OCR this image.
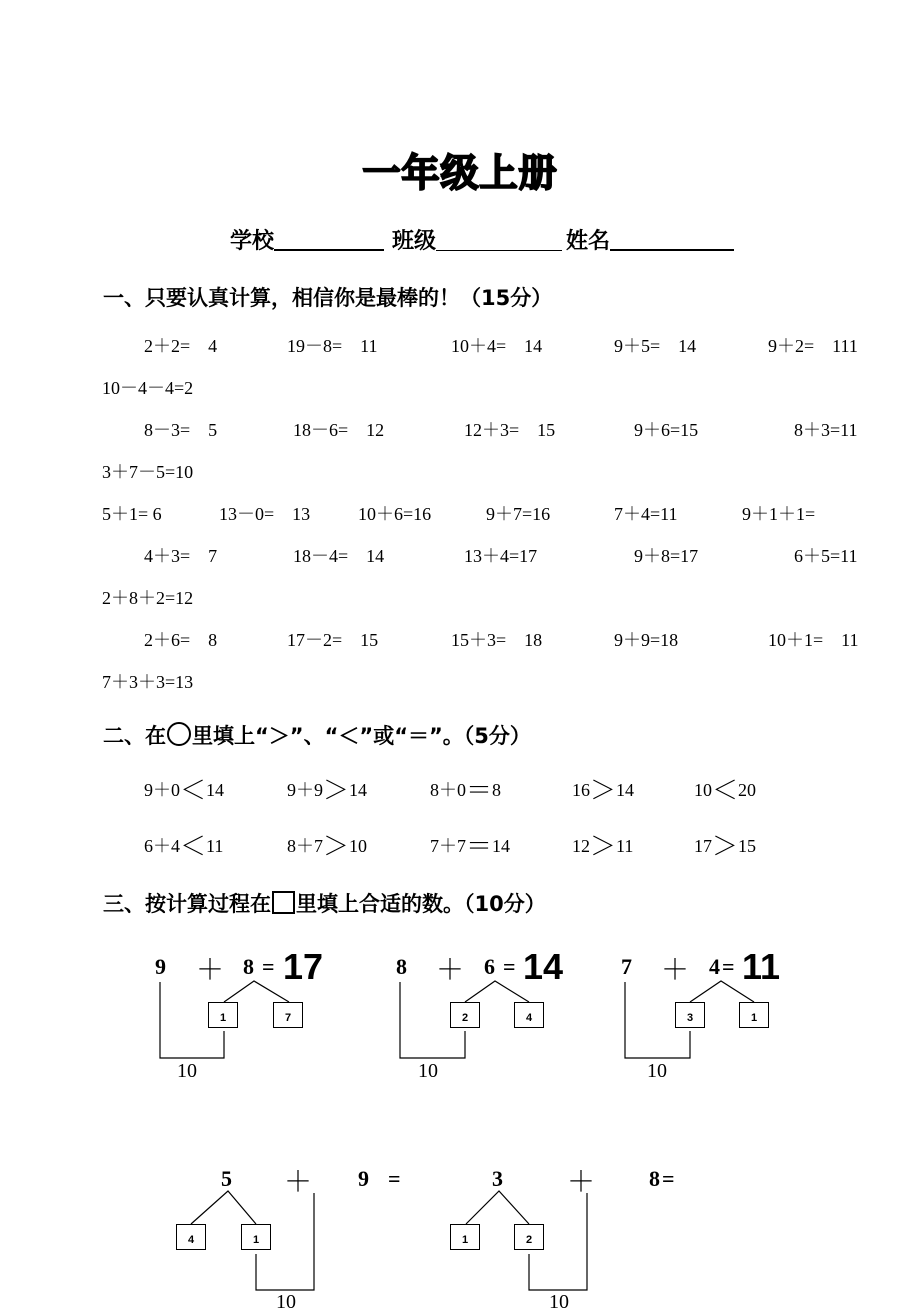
一年级上册
学校	班级	姓名
一、只要认真计算，相信你是最棒的！（15分）
2＋2=　4	19－8=　11	10＋4=　14	9＋5=　14	9＋2=　111
10－4－4=2
8－3=　5	18－6=　12	12＋3=　15	9＋6=15	8＋3=11
3＋7－5=10
5＋1= 6	13－0=　13	10＋6=16	9＋7=16	7＋4=11	9＋1＋1=
4＋3=　7	18－4=　14	13＋4=17	9＋8=17	6＋5=11
2＋8＋2=12
2＋6=　8	17－2=　15	15＋3=　18	9＋9=18	10＋1=　11
7＋3＋3=13
二、在 里填上“＞”、“＜”或“＝”。（5分）
9＋0＜14	9＋9＞14	8＋0＝8	16＞14	10＜20
6＋4＜11	8＋7＞10	7＋7＝14	12＞11	17＞15
三、按计算过程在 里填上合适的数。（10分）
9 ＋ 8 = 17
1	7
10
8 ＋ 6 = 14
2	4
10
7 ＋ 4 = 11
3	1
10
5 ＋ 9 =
4	1
10
3 ＋ 8 =
1	2
10
